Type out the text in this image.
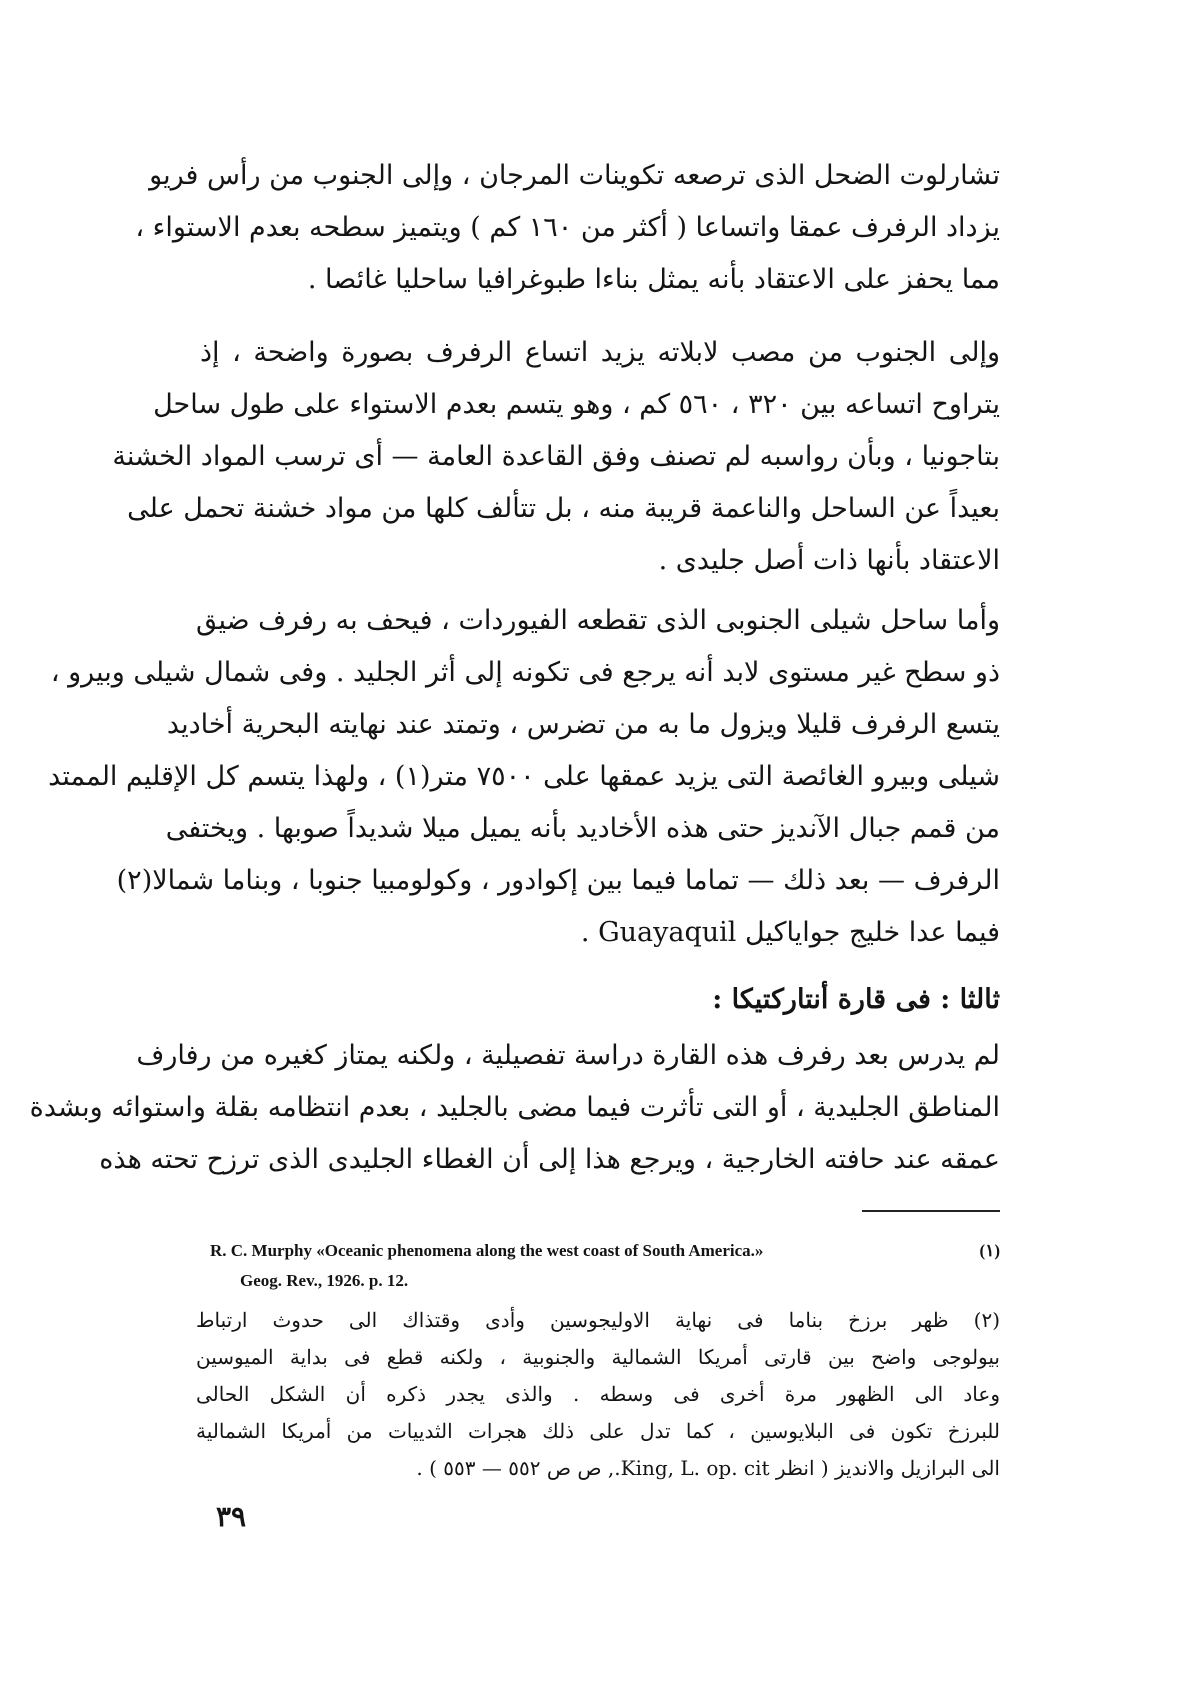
تشارلوت الضحل الذى ترصعه تكوينات المرجان ، وإلى الجنوب من رأس فريو
يزداد الرفرف عمقا واتساعا ( أكثر من ١٦٠ كم ) ويتميز سطحه بعدم الاستواء ،
مما يحفز على الاعتقاد بأنه يمثل بناءا طبوغرافيا ساحليا غائصا .
وإلى الجنوب من مصب لابلاته يزيد اتساع الرفرف بصورة واضحة ، إذ
يتراوح اتساعه بين ٣٢٠ ، ٥٦٠ كم ، وهو يتسم بعدم الاستواء على طول ساحل
بتاجونيا ، وبأن رواسبه لم تصنف وفق القاعدة العامة — أى ترسب المواد الخشنة
بعيداً عن الساحل والناعمة قريبة منه ، بل تتألف كلها من مواد خشنة تحمل على
الاعتقاد بأنها ذات أصل جليدى .
وأما ساحل شيلى الجنوبى الذى تقطعه الفيوردات ، فيحف به رفرف ضيق
ذو سطح غير مستوى لابد أنه يرجع فى تكونه إلى أثر الجليد . وفى شمال شيلى وبيرو ،
يتسع الرفرف قليلا ويزول ما به من تضرس ، وتمتد عند نهايته البحرية أخاديد
شيلى وبيرو الغائصة التى يزيد عمقها على ٧٥٠٠ متر(١) ، ولهذا يتسم كل الإقليم الممتد
من قمم جبال الآنديز حتى هذه الأخاديد بأنه يميل ميلا شديداً صوبها . ويختفى
الرفرف — بعد ذلك — تماما فيما بين إكوادور ، وكولومبيا جنوبا ، وبناما شمالا(٢)
فيما عدا خليج جواياكيل Guayaquil .
ثالثا : فى قارة أنتاركتيكا :
لم يدرس بعد رفرف هذه القارة دراسة تفصيلية ، ولكنه يمتاز كغيره من رفارف
المناطق الجليدية ، أو التى تأثرت فيما مضى بالجليد ، بعدم انتظامه بقلة واستوائه وبشدة
عمقه عند حافته الخارجية ، ويرجع هذا إلى أن الغطاء الجليدى الذى ترزح تحته هذه
R. C. Murphy «Oceanic phenomena along the west coast of South America.»	(١)
Geog. Rev., 1926. p. 12.
(٢) ظهر برزخ بناما فى نهاية الاوليجوسين وأدى وقتذاك الى حدوث ارتباط
بيولوجى واضح بين قارتى أمريكا الشمالية والجنوبية ، ولكنه قطع فى بداية الميوسين
وعاد الى الظهور مرة أخرى فى وسطه . والذى يجدر ذكره أن الشكل الحالى
للبرزخ تكون فى البلايوسين ، كما تدل على ذلك هجرات الثدييات من أمريكا الشمالية
الى البرازيل والانديز ( انظر King, L. op. cit., ص ص ٥٥٢ — ٥٥٣ ) .
٣٩
